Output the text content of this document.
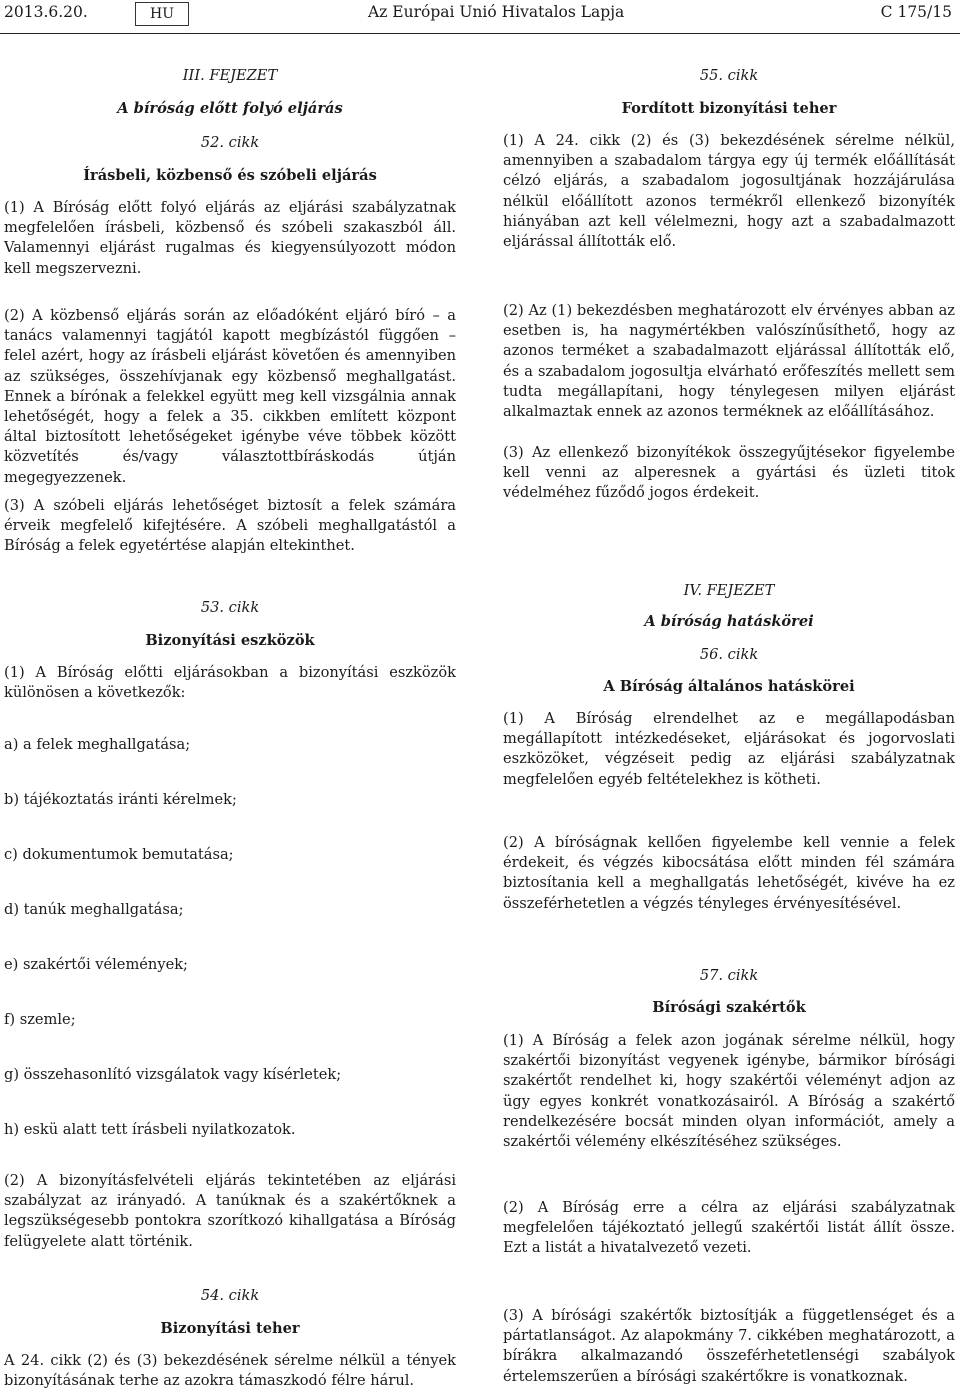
2013.6.20.	HU	Az Európai Unió Hivatalos Lapja	C 175/15
III. FEJEZET
A bíróság előtt folyó eljárás
52. cikk
Írásbeli, közbenső és szóbeli eljárás

(1) A Bíróság előtt folyó eljárás az eljárási szabályzatnak megfelelően írásbeli, közbenső és szóbeli szakaszból áll. Valamennyi eljárást rugalmas és kiegyensúlyozott módon kell megszervezni.

(2) A közbenső eljárás során az előadóként eljáró bíró – a tanács valamennyi tagjától kapott megbízástól függően – felel azért, hogy az írásbeli eljárást követően és amennyiben az szükséges, összehívjanak egy közbenső meghallgatást. Ennek a bírónak a felekkel együtt meg kell vizsgálnia annak lehetőségét, hogy a felek a 35. cikkben említett központ által biztosított lehetőségeket igénybe véve többek között közvetítés és/vagy választottbíráskodás útján megegyezzenek.

(3) A szóbeli eljárás lehetőséget biztosít a felek számára érveik megfelelő kifejtésére. A szóbeli meghallgatástól a Bíróság a felek egyetértése alapján eltekinthet.

53. cikk
Bizonyítási eszközök

(1) A Bíróság előtti eljárásokban a bizonyítási eszközök különösen a következők:

a) a felek meghallgatása;
b) tájékoztatás iránti kérelmek;
c) dokumentumok bemutatása;
d) tanúk meghallgatása;
e) szakértői vélemények;
f) szemle;
g) összehasonlító vizsgálatok vagy kísérletek;
h) eskü alatt tett írásbeli nyilatkozatok.

(2) A bizonyításfelvételi eljárás tekintetében az eljárási szabályzat az irányadó. A tanúknak és a szakértőknek a legszükségesebb pontokra szorítkozó kihallgatása a Bíróság felügyelete alatt történik.

54. cikk
Bizonyítási teher

A 24. cikk (2) és (3) bekezdésének sérelme nélkül a tények bizonyításának terhe az azokra támaszkodó félre hárul.

55. cikk
Fordított bizonyítási teher

(1) A 24. cikk (2) és (3) bekezdésének sérelme nélkül, amennyiben a szabadalom tárgya egy új termék előállítását célzó eljárás, a szabadalom jogosultjának hozzájárulása nélkül előállított azonos termékről ellenkező bizonyíték hiányában azt kell vélelmezni, hogy azt a szabadalmazott eljárással állították elő.

(2) Az (1) bekezdésben meghatározott elv érvényes abban az esetben is, ha nagymértékben valószínűsíthető, hogy az azonos terméket a szabadalmazott eljárással állították elő, és a szabadalom jogosultja elvárható erőfeszítés mellett sem tudta megállapítani, hogy ténylegesen milyen eljárást alkalmaztak ennek az azonos terméknek az előállításához.

(3) Az ellenkező bizonyítékok összegyűjtésekor figyelembe kell venni az alperesnek a gyártási és üzleti titok védelméhez fűződő jogos érdekeit.

IV. FEJEZET
A bíróság hatáskörei
56. cikk
A Bíróság általános hatáskörei

(1) A Bíróság elrendelhet az e megállapodásban megállapított intézkedéseket, eljárásokat és jogorvoslati eszközöket, végzéseit pedig az eljárási szabályzatnak megfelelően egyéb feltételekhez is kötheti.

(2) A bíróságnak kellően figyelembe kell vennie a felek érdekeit, és végzés kibocsátása előtt minden fél számára biztosítania kell a meghallgatás lehetőségét, kivéve ha ez összeférhetetlen a végzés tényleges érvényesítésével.

57. cikk
Bírósági szakértők

(1) A Bíróság a felek azon jogának sérelme nélkül, hogy szakértői bizonyítást vegyenek igénybe, bármikor bírósági szakértőt rendelhet ki, hogy szakértői véleményt adjon az ügy egyes konkrét vonatkozásairól. A Bíróság a szakértő rendelkezésére bocsát minden olyan információt, amely a szakértői vélemény elkészítéséhez szükséges.

(2) A Bíróság erre a célra az eljárási szabályzatnak megfelelően tájékoztató jellegű szakértői listát állít össze. Ezt a listát a hivatalvezető vezeti.

(3) A bírósági szakértők biztosítják a függetlenséget és a pártatlanságot. Az alapokmány 7. cikkében meghatározott, a bírákra alkalmazandó összeférhetetlenségi szabályok értelemszerűen a bírósági szakértőkre is vonatkoznak.
